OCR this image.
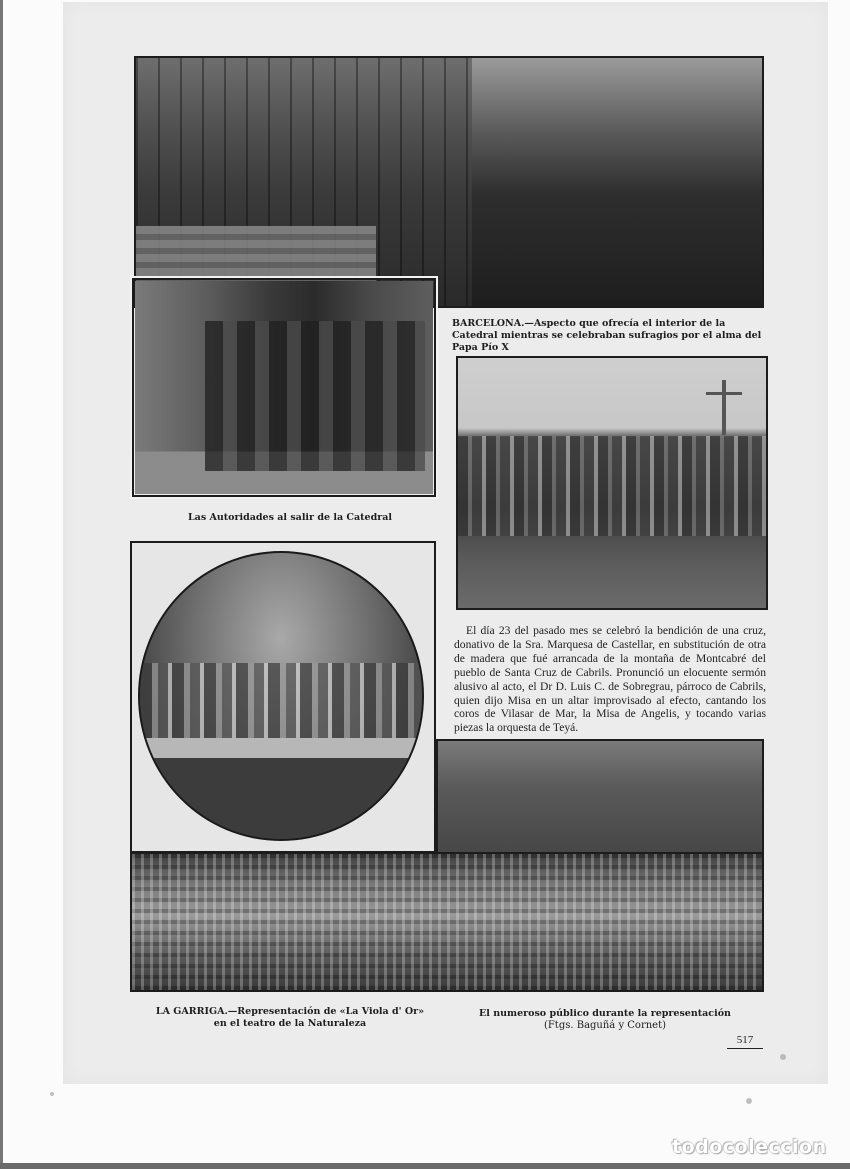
BARCELONA.—Aspecto que ofrecía el interior de la Catedral mientras se celebraban sufragios por el alma del Papa Pío X
Las Autoridades al salir de la Catedral
El día 23 del pasado mes se celebró la bendición de una cruz, donativo de la Sra. Marquesa de Castellar, en substitución de otra de madera que fué arrancada de la montaña de Montcabré del pueblo de Santa Cruz de Cabrils. Pronunció un elocuente sermón alusivo al acto, el Dr D. Luis C. de Sobregrau, párroco de Cabrils, quien dijo Misa en un altar improvisado al efecto, cantando los coros de Vilasar de Mar, la Misa de Angelis, y tocando varias piezas la orquesta de Teyá.
LA GARRIGA.—Representación de «La Viola d' Or»
en el teatro de la Naturaleza
El numeroso público durante la representación
(Ftgs. Baguñá y Cornet)
517
todocoleccion
